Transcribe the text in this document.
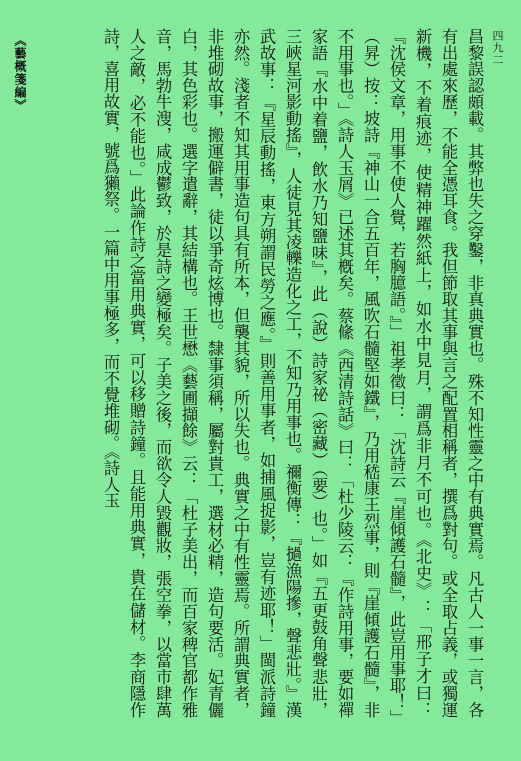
四九二
《藝概箋編》	昌黎誤認頗載。其弊也失之穿鑿，非真典實也。殊不知性靈之中有典實焉。凡古人一事一言，各有出處來歷，不能全憑耳食。我但節取其事與言之配置相稱者，撰爲對句。或全取占義，或獨運新機，不着痕迹，使精神躍然紙上，如水中見月，謂爲非月不可也。《北史》：「邢子才曰：『沈侯文章，用事不使人覺，若胸臆語。』」祖孝徵曰：「沈詩云『崖傾護石髓』，此豈用事耶！」（昇）按：坡詩『神山一合五百年，風吹石髓堅如鐵』，乃用嵇康王烈事，則『崖傾護石髓』，非不用事也。」《詩人玉屑》已述其槪矣。蔡絛《西清詩話》曰：「杜少陵云：『作詩用事，要如禪家語『水中着鹽，飲水乃知鹽味』，此（說）詩家祕（密藏）（要）也。」如『五更鼓角聲悲壯，三峽星河影動搖』，人徒見其凌轢造化之工，不知乃用事也。禰衡傳：『撾漁陽摻，聲悲壯。』漢武故事：『星辰動搖，東方朔謂民勞之應。』則善用事者，如捕風捉影，豈有迹耶！」閩派詩鐘亦然。淺者不知其用事造句具有所本，但襲其貌，所以失也。典實之中有性靈焉。所謂典實者，非堆砌故事，搬運僻書，徒以爭奇炫博也。隸事須稱，屬對貴工，選材必精，造句要活。妃青儷白，其色彩也。選字遣辭，其結構也。王世懋《藝圃擷餘》云：「杜子美出，而百家稗官都作雅音，馬勃牛溲，咸成鬱致，於是詩之變極矣。子美之後，而欲令人毀觀妝，張空拳，以當市肆萬人之敵，必不能也。」此論作詩之當用典實，可以移贈詩鐘。且能用典實，貴在儲材。李商隱作詩，喜用故實，號爲獺祭。一篇中用事極多，而不覺堆砌。《詩人玉
